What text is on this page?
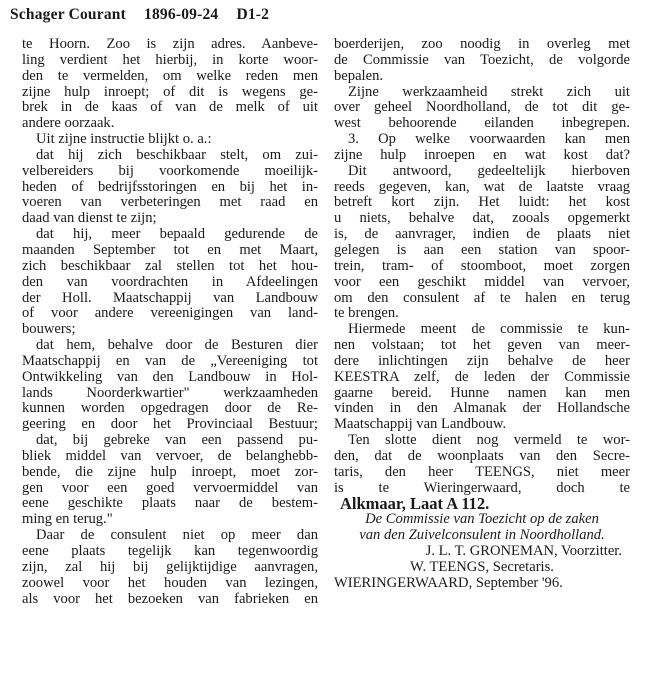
Schager Courant 1896-09-24 D1-2
te Hoorn. Zoo is zijn adres. Aanbeve-
ling verdient het hierbij, in korte woor-
den te vermelden, om welke reden men
zijne hulp inroept; of dit is wegens ge-
brek in de kaas of van de melk of uit
andere oorzaak.
Uit zijne instructie blijkt o. a.:
dat hij zich beschikbaar stelt, om zui-
velbereiders bij voorkomende moeilijk-
heden of bedrijfsstoringen en bij het in-
voeren van verbeteringen met raad en
daad van dienst te zijn;
dat hij, meer bepaald gedurende de
maanden September tot en met Maart,
zich beschikbaar zal stellen tot het hou-
den van voordrachten in Afdeelingen
der Holl. Maatschappij van Landbouw
of voor andere vereenigingen van land-
bouwers;
dat hem, behalve door de Besturen dier
Maatschappij en van de „Vereeniging tot
Ontwikkeling van den Landbouw in Hol-
lands Noorderkwartier" werkzaamheden
kunnen worden opgedragen door de Re-
geering en door het Provinciaal Bestuur;
dat, bij gebreke van een passend pu-
bliek middel van vervoer, de belanghebb-
bende, die zijne hulp inroept, moet zor-
gen voor een goed vervoermiddel van
eene geschikte plaats naar de bestem-
ming en terug."
Daar de consulent niet op meer dan
eene plaats tegelijk kan tegenwoordig
zijn, zal hij bij gelijktijdige aanvragen,
zoowel voor het houden van lezingen,
als voor het bezoeken van fabrieken en
boerderijen, zoo noodig in overleg met
de Commissie van Toezicht, de volgorde
bepalen.
Zijne werkzaamheid strekt zich uit
over geheel Noordholland, de tot dit ge-
west behoorende eilanden inbegrepen.
3. Op welke voorwaarden kan men
zijne hulp inroepen en wat kost dat?
Dit antwoord, gedeeltelijk hierboven
reeds gegeven, kan, wat de laatste vraag
betreft kort zijn. Het luidt: het kost
u niets, behalve dat, zooals opgemerkt
is, de aanvrager, indien de plaats niet
gelegen is aan een station van spoor-
trein, tram- of stoomboot, moet zorgen
voor een geschikt middel van vervoer,
om den consulent af te halen en terug
te brengen.
Hiermede meent de commissie te kun-
nen volstaan; tot het geven van meer-
dere inlichtingen zijn behalve de heer
KEESTRA zelf, de leden der Commissie
gaarne bereid. Hunne namen kan men
vinden in den Almanak der Hollandsche
Maatschappij van Landbouw.
Ten slotte dient nog vermeld te wor-
den, dat de woonplaats van den Secre-
taris, den heer TEENGS, niet meer
is te Wieringerwaard, doch te
Alkmaar, Laat A 112.
De Commissie van Toezicht op de zaken
van den Zuivelconsulent in Noordholland.
J. L. T. GRONEMAN, Voorzitter.
W. TEENGS, Secretaris.
WIERINGERWAARD, September '96.
